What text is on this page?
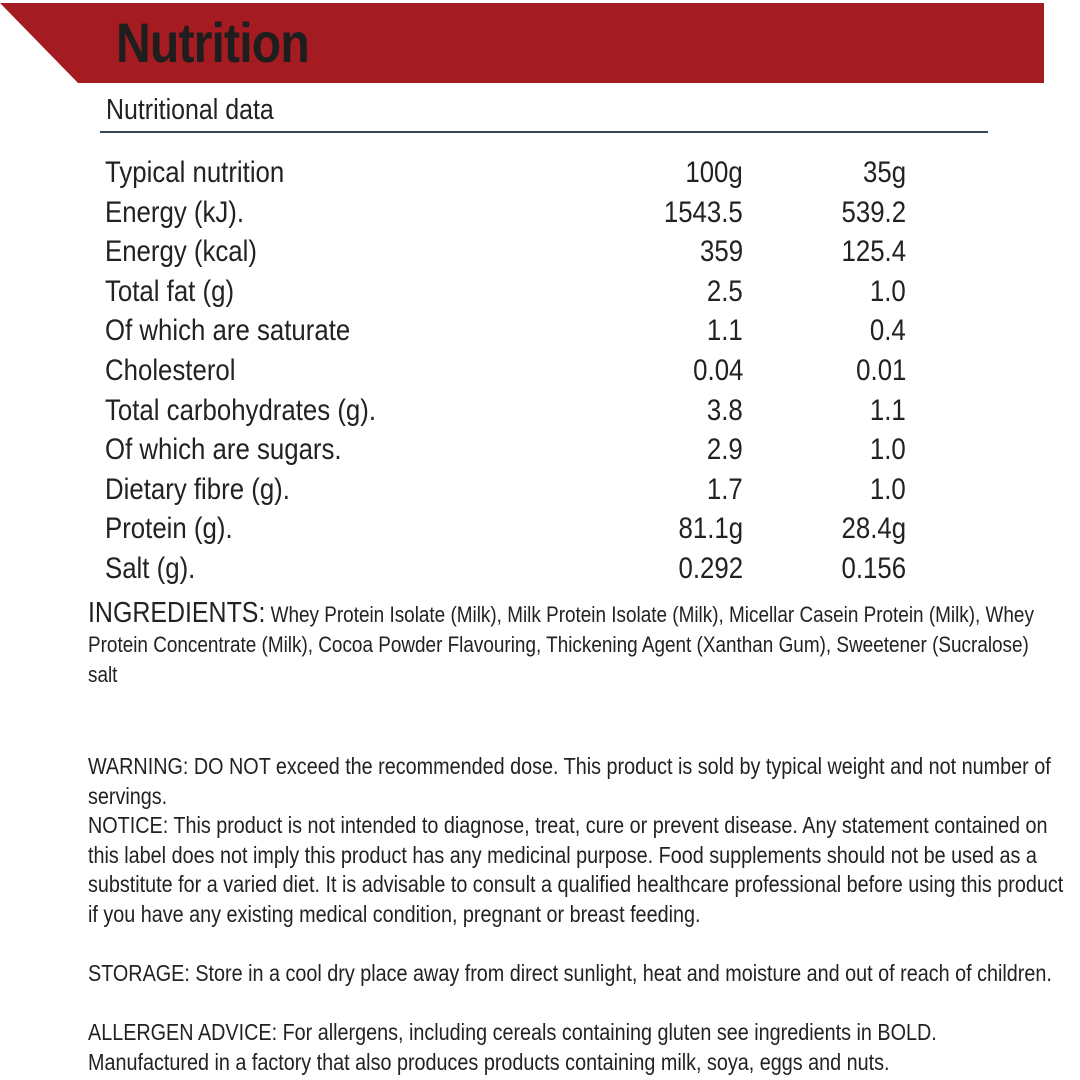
Nutrition
Nutritional data
Typical nutrition	100g	35g
Energy (kJ).	1543.5	539.2
Energy (kcal)	359	125.4
Total fat (g)	2.5	1.0
Of which are saturate	1.1	0.4
Cholesterol	0.04	0.01
Total carbohydrates (g).	3.8	1.1
Of which are sugars.	2.9	1.0
Dietary fibre (g).	1.7	1.0
Protein (g).	81.1g	28.4g
Salt (g).	0.292	0.156
INGREDIENTS: Whey Protein Isolate (Milk), Milk Protein Isolate (Milk), Micellar Casein Protein (Milk), Whey Protein Concentrate (Milk), Cocoa Powder Flavouring, Thickening Agent (Xanthan Gum), Sweetener (Sucralose) salt

WARNING: DO NOT exceed the recommended dose. This product is sold by typical weight and not number of servings.

NOTICE: This product is not intended to diagnose, treat, cure or prevent disease. Any statement contained on this label does not imply this product has any medicinal purpose. Food supplements should not be used as a substitute for a varied diet. It is advisable to consult a qualified healthcare professional before using this product if you have any existing medical condition, pregnant or breast feeding.

STORAGE: Store in a cool dry place away from direct sunlight, heat and moisture and out of reach of children.

ALLERGEN ADVICE: For allergens, including cereals containing gluten see ingredients in BOLD.

Manufactured in a factory that also produces products containing milk, soya, eggs and nuts.
